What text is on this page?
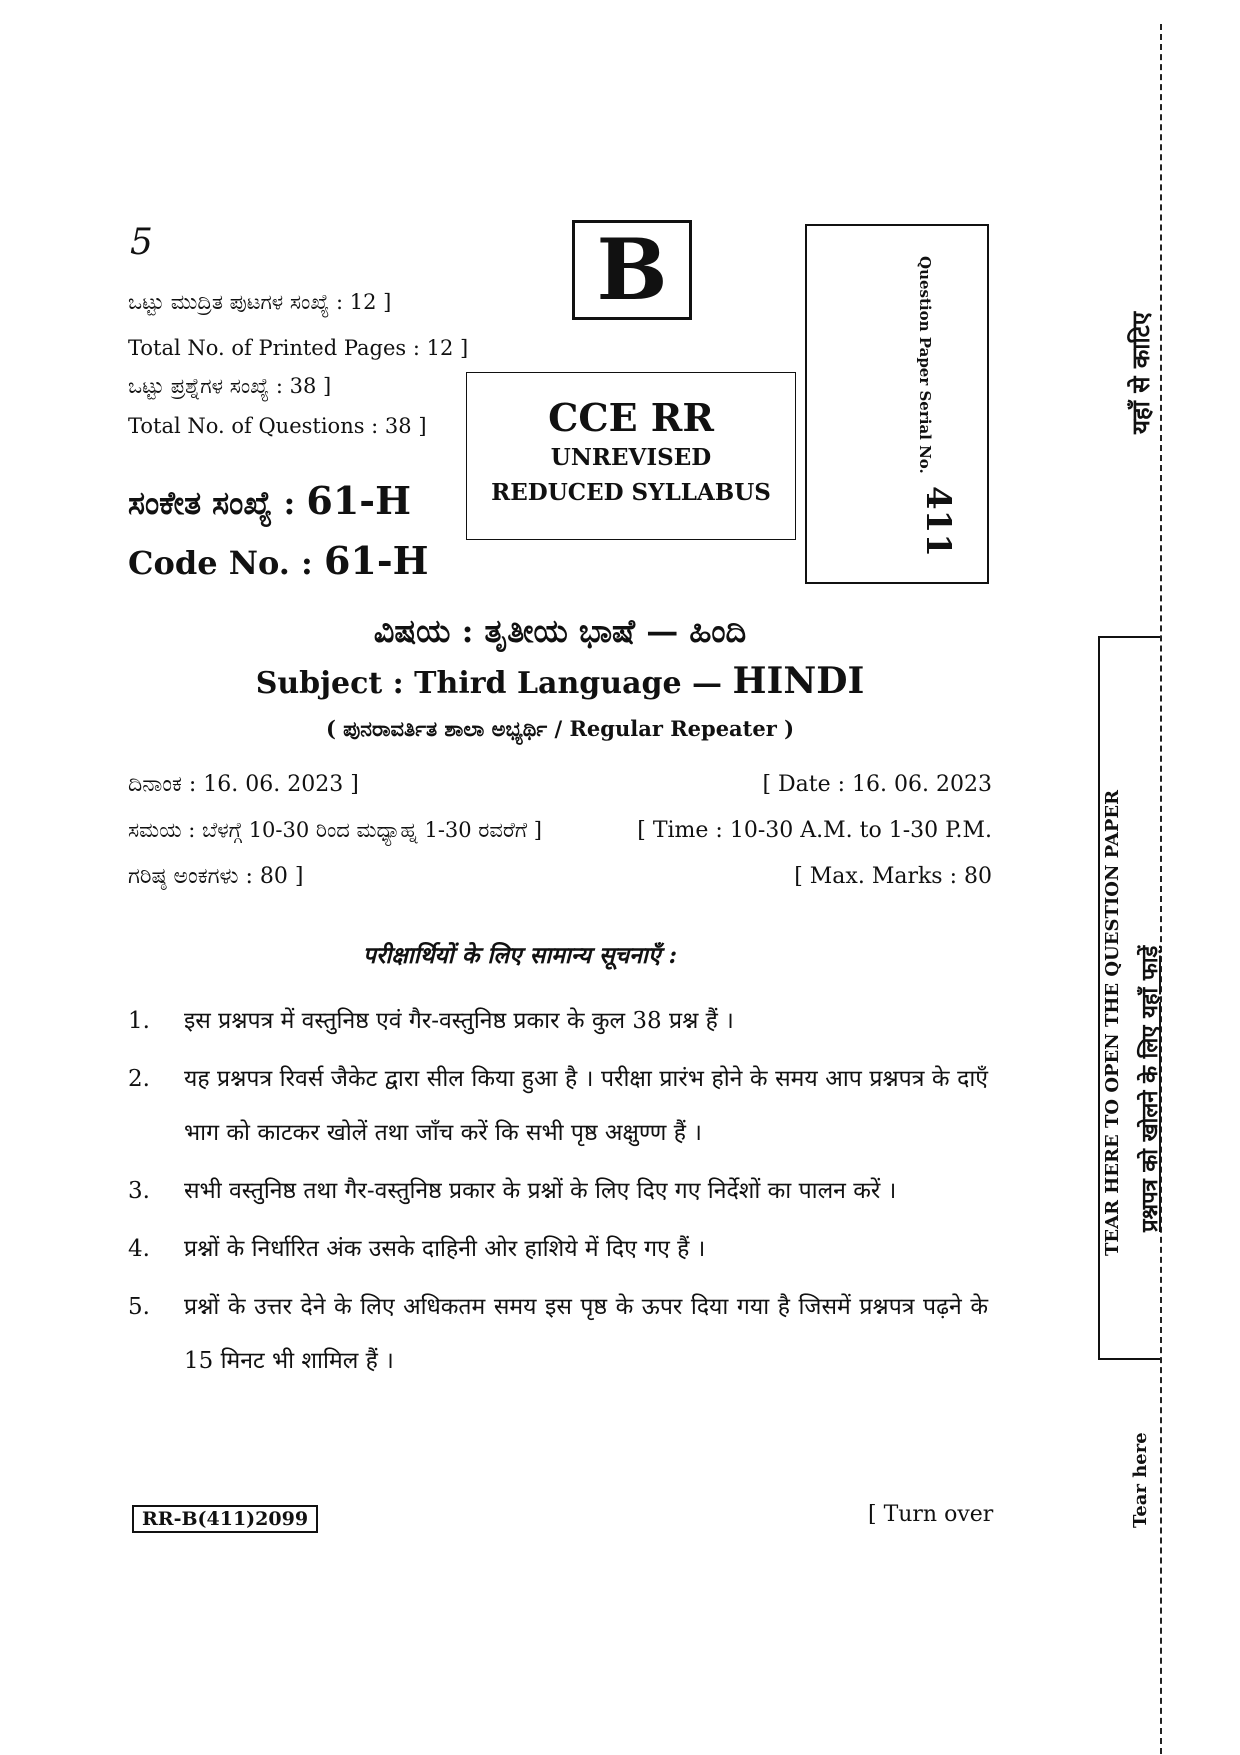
5
ಒಟ್ಟು ಮುದ್ರಿತ ಪುಟಗಳ ಸಂಖ್ಯೆ : 12 ]
Total No. of Printed Pages : 12 ]
ಒಟ್ಟು ಪ್ರಶ್ನೆಗಳ ಸಂಖ್ಯೆ : 38 ]
Total No. of Questions : 38 ]
ಸಂಕೇತ ಸಂಖ್ಯೆ : 61-H
Code No. : 61-H
B
CCE RR
UNREVISED
REDUCED SYLLABUS
Question Paper Serial No.
411
ವಿಷಯ : ತೃತೀಯ ಭಾಷೆ — ಹಿಂದಿ
Subject : Third Language — HINDI
( ಪುನರಾವರ್ತಿತ ಶಾಲಾ ಅಭ್ಯರ್ಥಿ / Regular Repeater )
ದಿನಾಂಕ : 16. 06. 2023 ]	[ Date : 16. 06. 2023
ಸಮಯ : ಬೆಳಗ್ಗೆ 10-30 ರಿಂದ ಮಧ್ಯಾಹ್ನ 1-30 ರವರೆಗೆ ]	[ Time : 10-30 A.M. to 1-30 P.M.
ಗರಿಷ್ಠ ಅಂಕಗಳು : 80 ]	[ Max. Marks : 80
परीक्षार्थियों के लिए सामान्य सूचनाएँ :
1.	इस प्रश्नपत्र में वस्तुनिष्ठ एवं गैर-वस्तुनिष्ठ प्रकार के कुल 38 प्रश्न हैं ।
2.	यह प्रश्नपत्र रिवर्स जैकेट द्वारा सील किया हुआ है । परीक्षा प्रारंभ होने के समय आप प्रश्नपत्र के दाएँ भाग को काटकर खोलें तथा जाँच करें कि सभी पृष्ठ अक्षुण्ण हैं ।
3.	सभी वस्तुनिष्ठ तथा गैर-वस्तुनिष्ठ प्रकार के प्रश्नों के लिए दिए गए निर्देशों का पालन करें ।
4.	प्रश्नों के निर्धारित अंक उसके दाहिनी ओर हाशिये में दिए गए हैं ।
5.	प्रश्नों के उत्तर देने के लिए अधिकतम समय इस पृष्ठ के ऊपर दिया गया है जिसमें प्रश्नपत्र पढ़ने के 15 मिनट भी शामिल हैं ।
RR-B(411)2099	[ Turn over
यहाँ से काटिए
TEAR HERE TO OPEN THE QUESTION PAPER प्रश्नपत्र को खोलने के लिए यहाँ फाड़ें
Tear here
